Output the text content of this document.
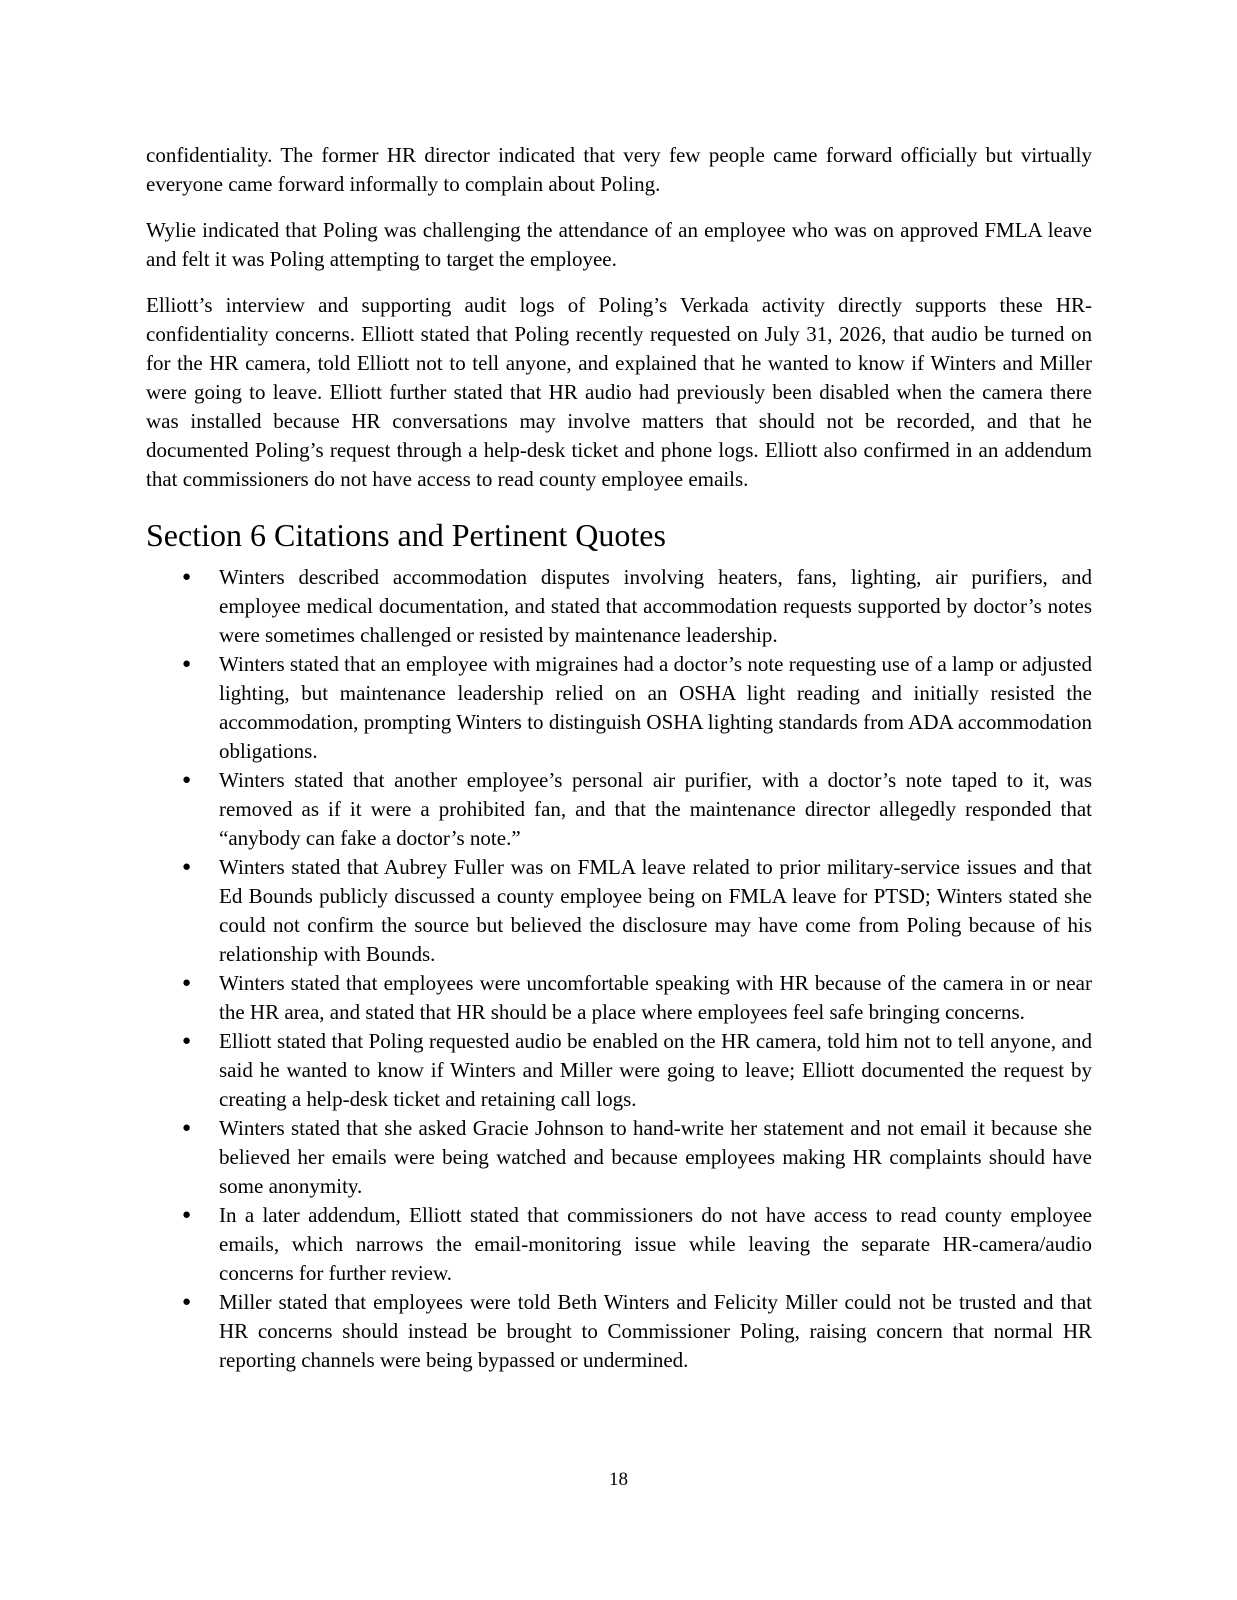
confidentiality. The former HR director indicated that very few people came forward officially but virtually everyone came forward informally to complain about Poling.

Wylie indicated that Poling was challenging the attendance of an employee who was on approved FMLA leave and felt it was Poling attempting to target the employee.

Elliott’s interview and supporting audit logs of Poling’s Verkada activity directly supports these HR-confidentiality concerns. Elliott stated that Poling recently requested on July 31, 2026, that audio be turned on for the HR camera, told Elliott not to tell anyone, and explained that he wanted to know if Winters and Miller were going to leave. Elliott further stated that HR audio had previously been disabled when the camera there was installed because HR conversations may involve matters that should not be recorded, and that he documented Poling’s request through a help-desk ticket and phone logs. Elliott also confirmed in an addendum that commissioners do not have access to read county employee emails.

Section 6 Citations and Pertinent Quotes
● Winters described accommodation disputes involving heaters, fans, lighting, air purifiers, and employee medical documentation, and stated that accommodation requests supported by doctor’s notes were sometimes challenged or resisted by maintenance leadership.
● Winters stated that an employee with migraines had a doctor’s note requesting use of a lamp or adjusted lighting, but maintenance leadership relied on an OSHA light reading and initially resisted the accommodation, prompting Winters to distinguish OSHA lighting standards from ADA accommodation obligations.
● Winters stated that another employee’s personal air purifier, with a doctor’s note taped to it, was removed as if it were a prohibited fan, and that the maintenance director allegedly responded that “anybody can fake a doctor’s note.”
● Winters stated that Aubrey Fuller was on FMLA leave related to prior military-service issues and that Ed Bounds publicly discussed a county employee being on FMLA leave for PTSD; Winters stated she could not confirm the source but believed the disclosure may have come from Poling because of his relationship with Bounds.
● Winters stated that employees were uncomfortable speaking with HR because of the camera in or near the HR area, and stated that HR should be a place where employees feel safe bringing concerns.
● Elliott stated that Poling requested audio be enabled on the HR camera, told him not to tell anyone, and said he wanted to know if Winters and Miller were going to leave; Elliott documented the request by creating a help-desk ticket and retaining call logs.
● Winters stated that she asked Gracie Johnson to hand-write her statement and not email it because she believed her emails were being watched and because employees making HR complaints should have some anonymity.
● In a later addendum, Elliott stated that commissioners do not have access to read county employee emails, which narrows the email-monitoring issue while leaving the separate HR-camera/audio concerns for further review.
● Miller stated that employees were told Beth Winters and Felicity Miller could not be trusted and that HR concerns should instead be brought to Commissioner Poling, raising concern that normal HR reporting channels were being bypassed or undermined.
18
